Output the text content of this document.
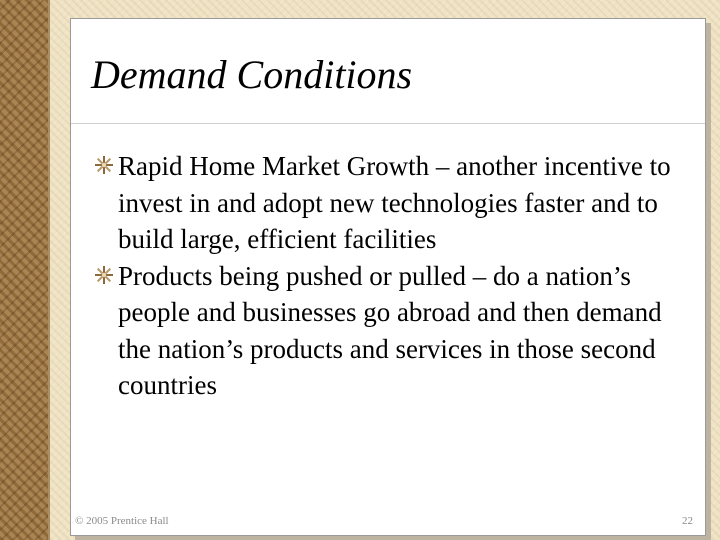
Demand Conditions
Rapid Home Market Growth – another incentive to invest in and adopt new technologies faster and to build large, efficient facilities
Products being pushed or pulled – do a nation’s people and businesses go abroad and then demand the nation’s products and services in those second countries
© 2005 Prentice Hall	22
